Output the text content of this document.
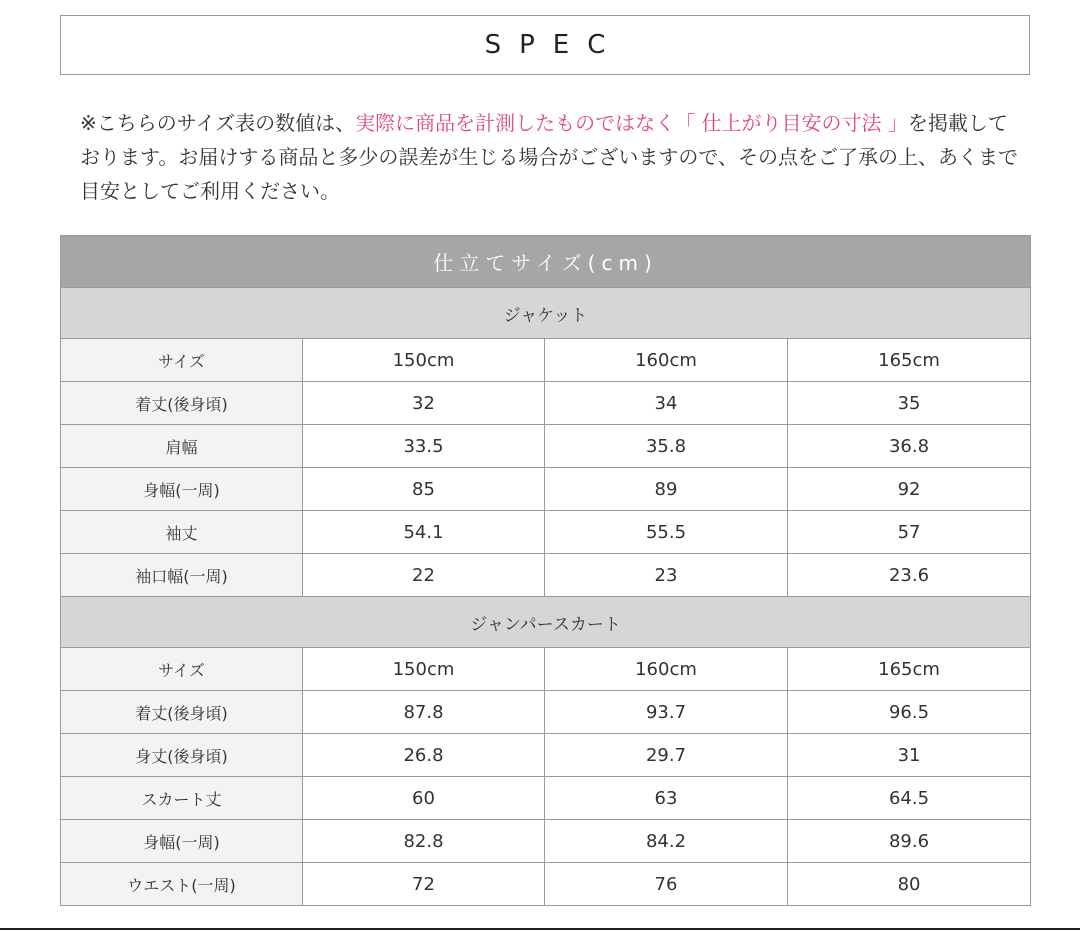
SPEC

※こちらのサイズ表の数値は、実際に商品を計測したものではなく「 仕上がり目安の寸法 」を掲載しております。お届けする商品と多少の誤差が生じる場合がございますので、その点をご了承の上、あくまで目安としてご利用ください。

仕立てサイズ(cm)			
ジャケット			
サイズ	150cm	160cm	165cm
着丈(後身頃)	32	34	35
肩幅	33.5	35.8	36.8
身幅(一周)	85	89	92
袖丈	54.1	55.5	57
袖口幅(一周)	22	23	23.6
ジャンパースカート			
サイズ	150cm	160cm	165cm
着丈(後身頃)	87.8	93.7	96.5
身丈(後身頃)	26.8	29.7	31
スカート丈	60	63	64.5
身幅(一周)	82.8	84.2	89.6
ウエスト(一周)	72	76	80
